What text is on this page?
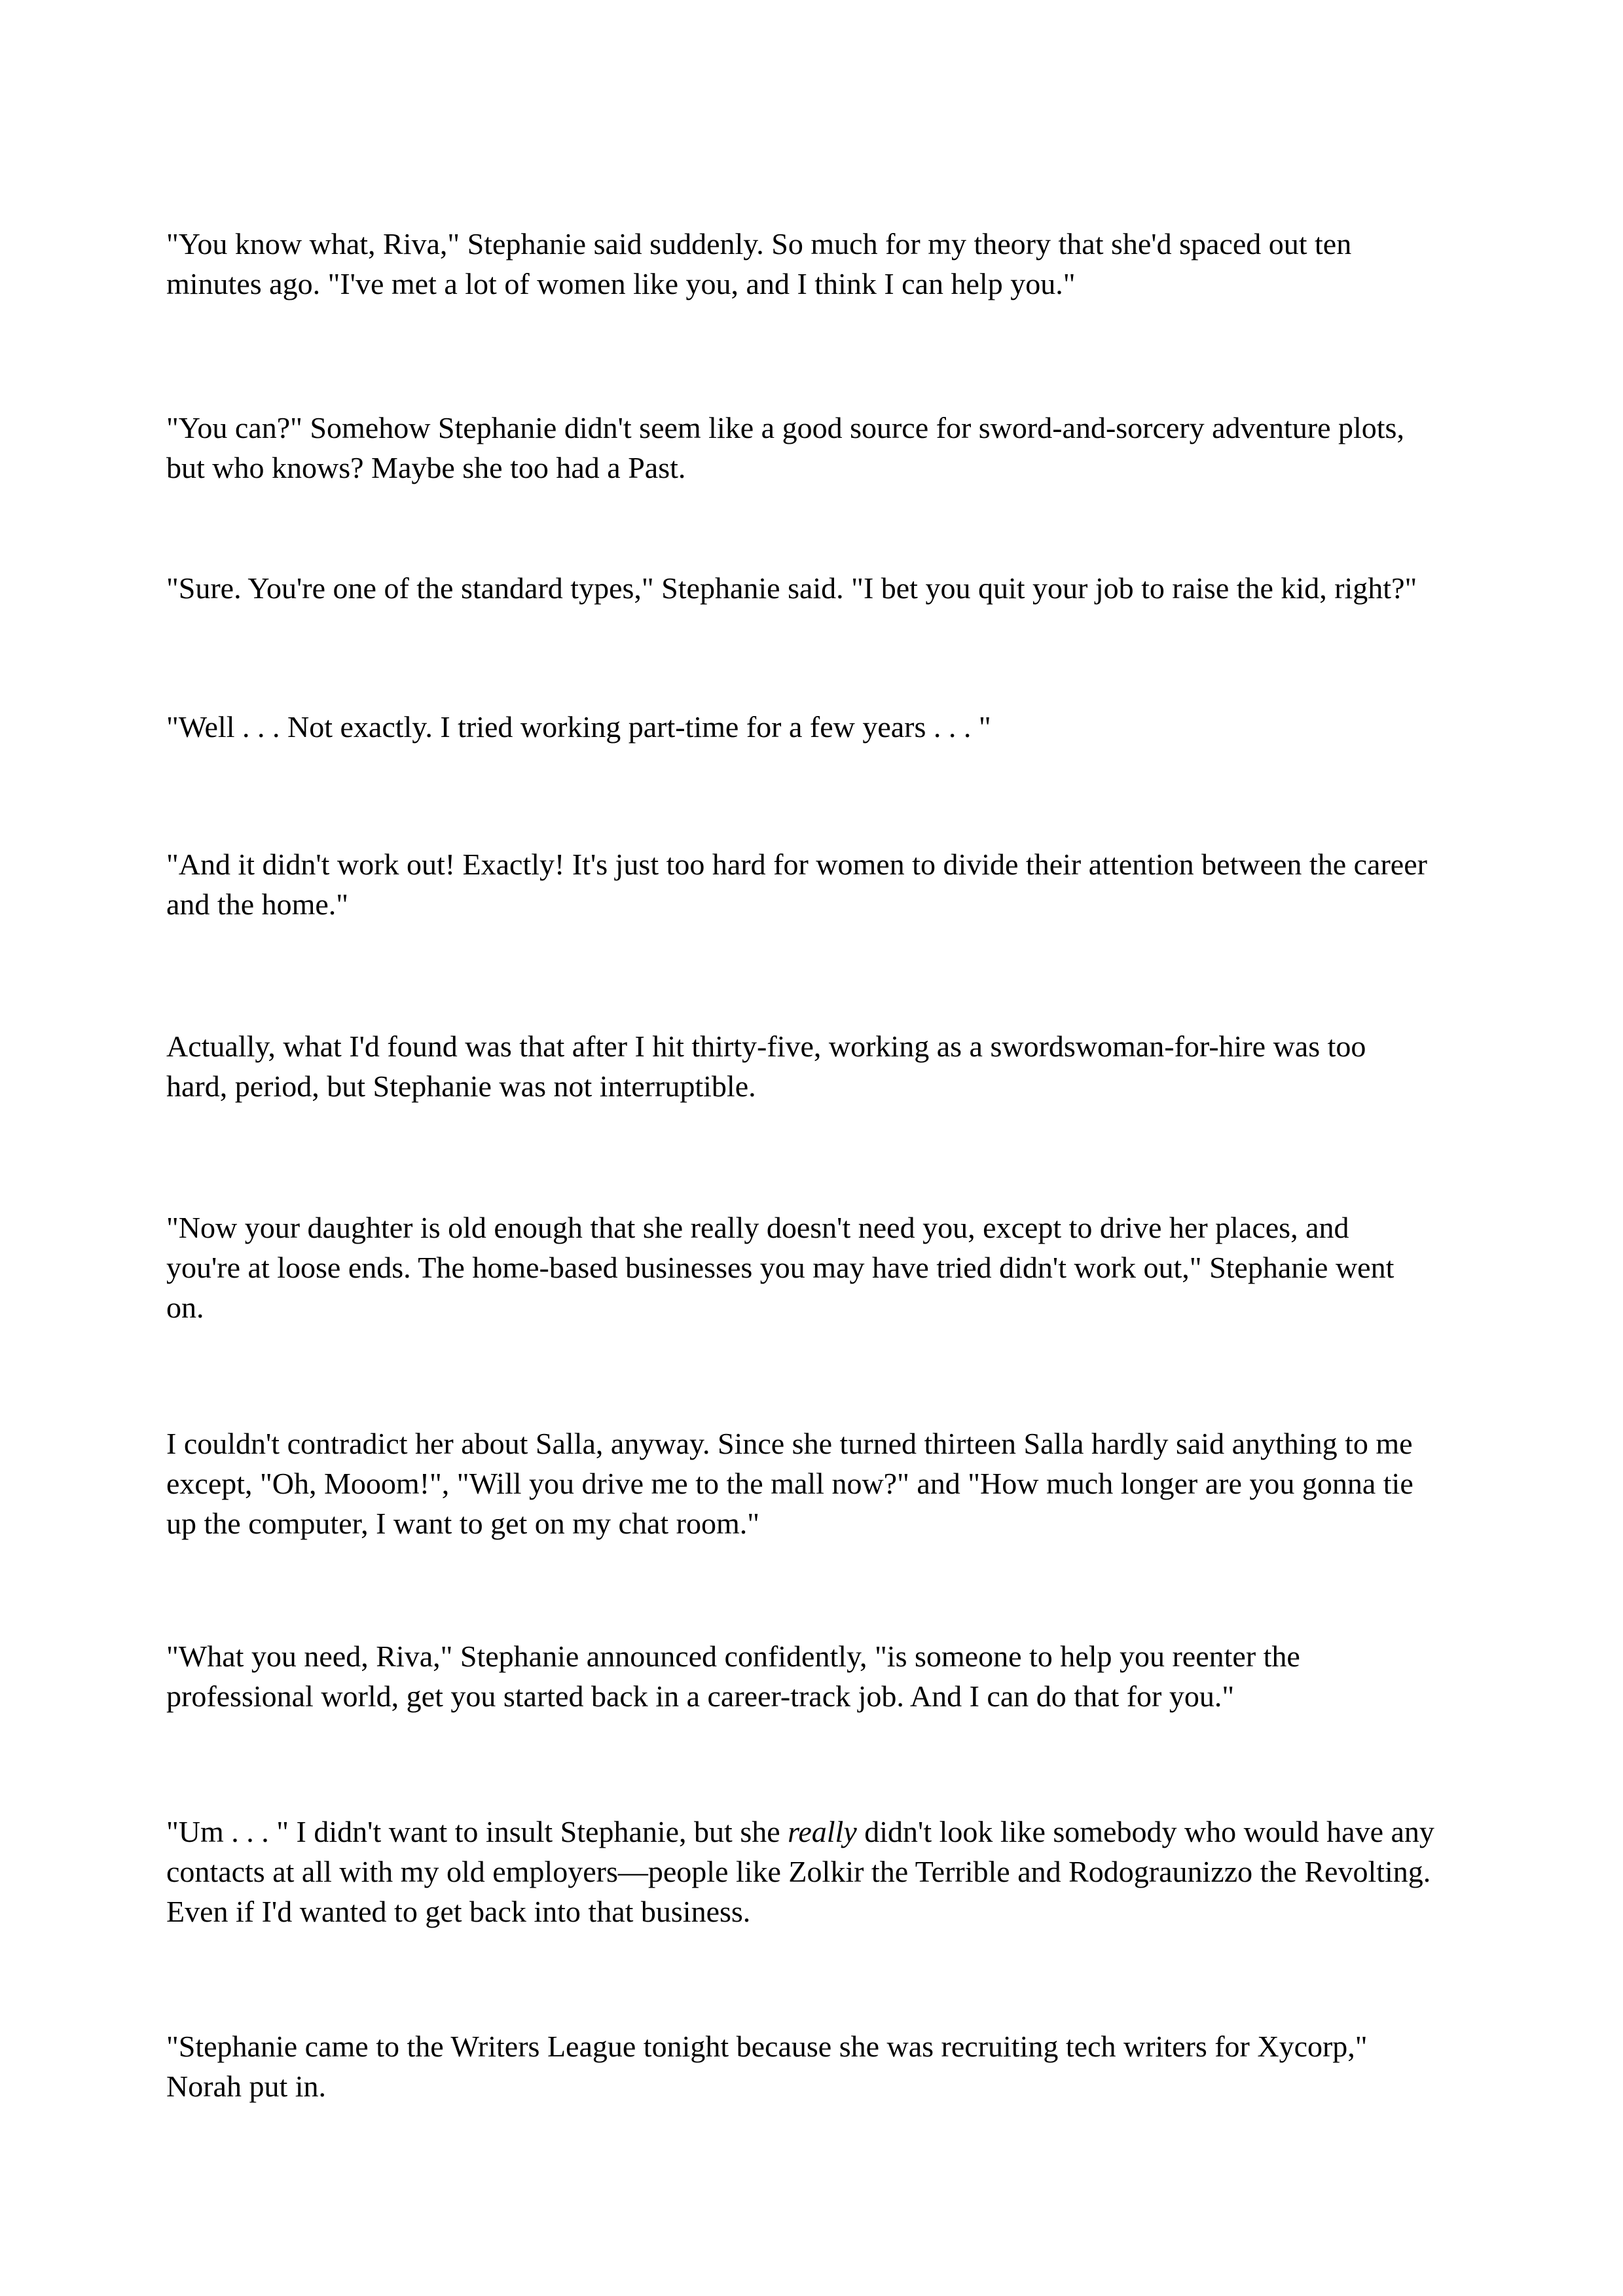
"You know what, Riva," Stephanie said suddenly. So much for my theory that she'd spaced out ten
minutes ago. "I've met a lot of women like you, and I think I can help you."

"You can?" Somehow Stephanie didn't seem like a good source for sword-and-sorcery adventure plots,
but who knows? Maybe she too had a Past.

"Sure. You're one of the standard types," Stephanie said. "I bet you quit your job to raise the kid, right?"

"Well . . . Not exactly. I tried working part-time for a few years . . . "

"And it didn't work out! Exactly! It's just too hard for women to divide their attention between the career
and the home."

Actually, what I'd found was that after I hit thirty-five, working as a swordswoman-for-hire was too
hard, period, but Stephanie was not interruptible.

"Now your daughter is old enough that she really doesn't need you, except to drive her places, and
you're at loose ends. The home-based businesses you may have tried didn't work out," Stephanie went
on.

I couldn't contradict her about Salla, anyway. Since she turned thirteen Salla hardly said anything to me
except, "Oh, Mooom!", "Will you drive me to the mall now?" and "How much longer are you gonna tie
up the computer, I want to get on my chat room."

"What you need, Riva," Stephanie announced confidently, "is someone to help you reenter the
professional world, get you started back in a career-track job. And I can do that for you."

"Um . . . " I didn't want to insult Stephanie, but she really didn't look like somebody who would have any
contacts at all with my old employers—people like Zolkir the Terrible and Rodograunizzo the Revolting.
Even if I'd wanted to get back into that business.

"Stephanie came to the Writers League tonight because she was recruiting tech writers for Xycorp,"
Norah put in.
